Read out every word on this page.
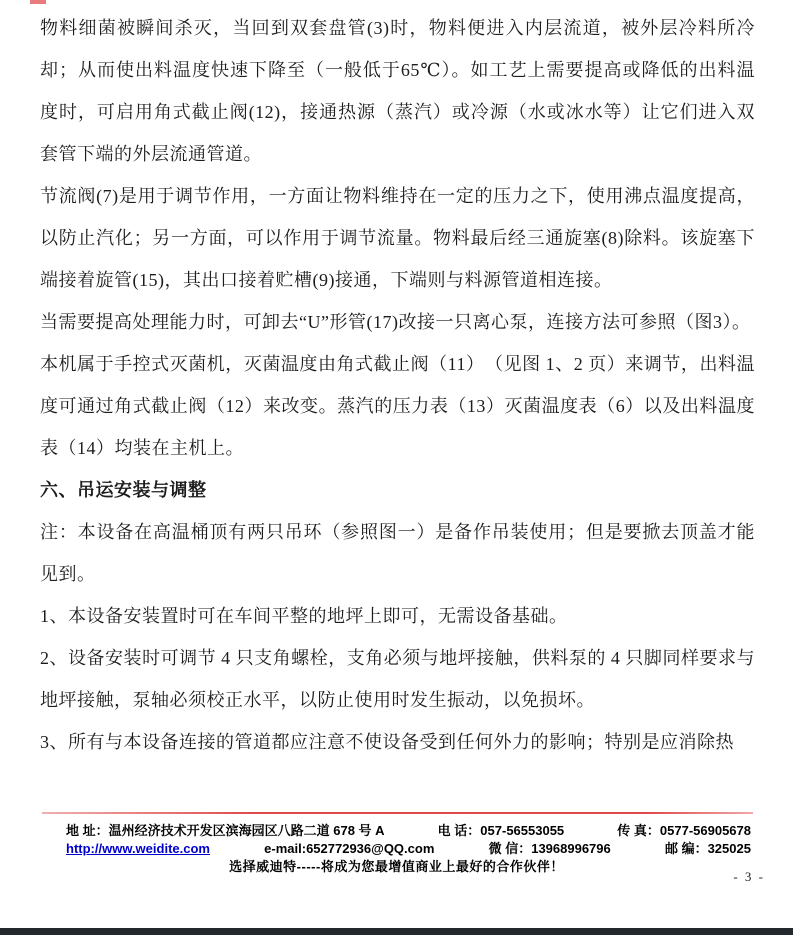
物料细菌被瞬间杀灭，当回到双套盘管(3)时，物料便进入内层流道，被外层冷料所冷却；从而使出料温度快速下降至（一般低于65℃）。如工艺上需要提高或降低的出料温度时，可启用角式截止阀(12)，接通热源（蒸汽）或冷源（水或冰水等）让它们进入双套管下端的外层流通管道。

节流阀(7)是用于调节作用，一方面让物料维持在一定的压力之下，使用沸点温度提高，以防止汽化；另一方面，可以作用于调节流量。物料最后经三通旋塞(8)除料。该旋塞下端接着旋管(15)，其出口接着贮槽(9)接通，下端则与料源管道相连接。

当需要提高处理能力时，可卸去“U”形管(17)改接一只离心泵，连接方法可参照（图3）。

本机属于手控式灭菌机，灭菌温度由角式截止阀（11）　（见图 1、2 页）来调节，出料温度可通过角式截止阀（12）来改变。蒸汽的压力表（13）灭菌温度表（6）以及出料温度表（14）均装在主机上。

六、吊运安装与调整

注：本设备在高温桶顶有两只吊环（参照图一）是备作吊装使用；但是要掀去顶盖才能见到。

1、本设备安装置时可在车间平整的地坪上即可，无需设备基础。

2、设备安装时可调节 4 只支角螺栓，支角必须与地坪接触，供料泵的 4 只脚同样要求与地坪接触，泵轴必须校正水平，以防止使用时发生振动，以免损坏。

3、所有与本设备连接的管道都应注意不使设备受到任何外力的影响；特别是应消除热

地 址：温州经济技术开发区滨海园区八路二道 678 号 A	电 话：057-56553055	传 真：0577-56905678
http://www.weidite.com	e-mail:652772936@QQ.com	微 信：13968996796	邮 编：325025
选择威迪特-----将成为您最增值商业上最好的合作伙伴！
- 3 -
